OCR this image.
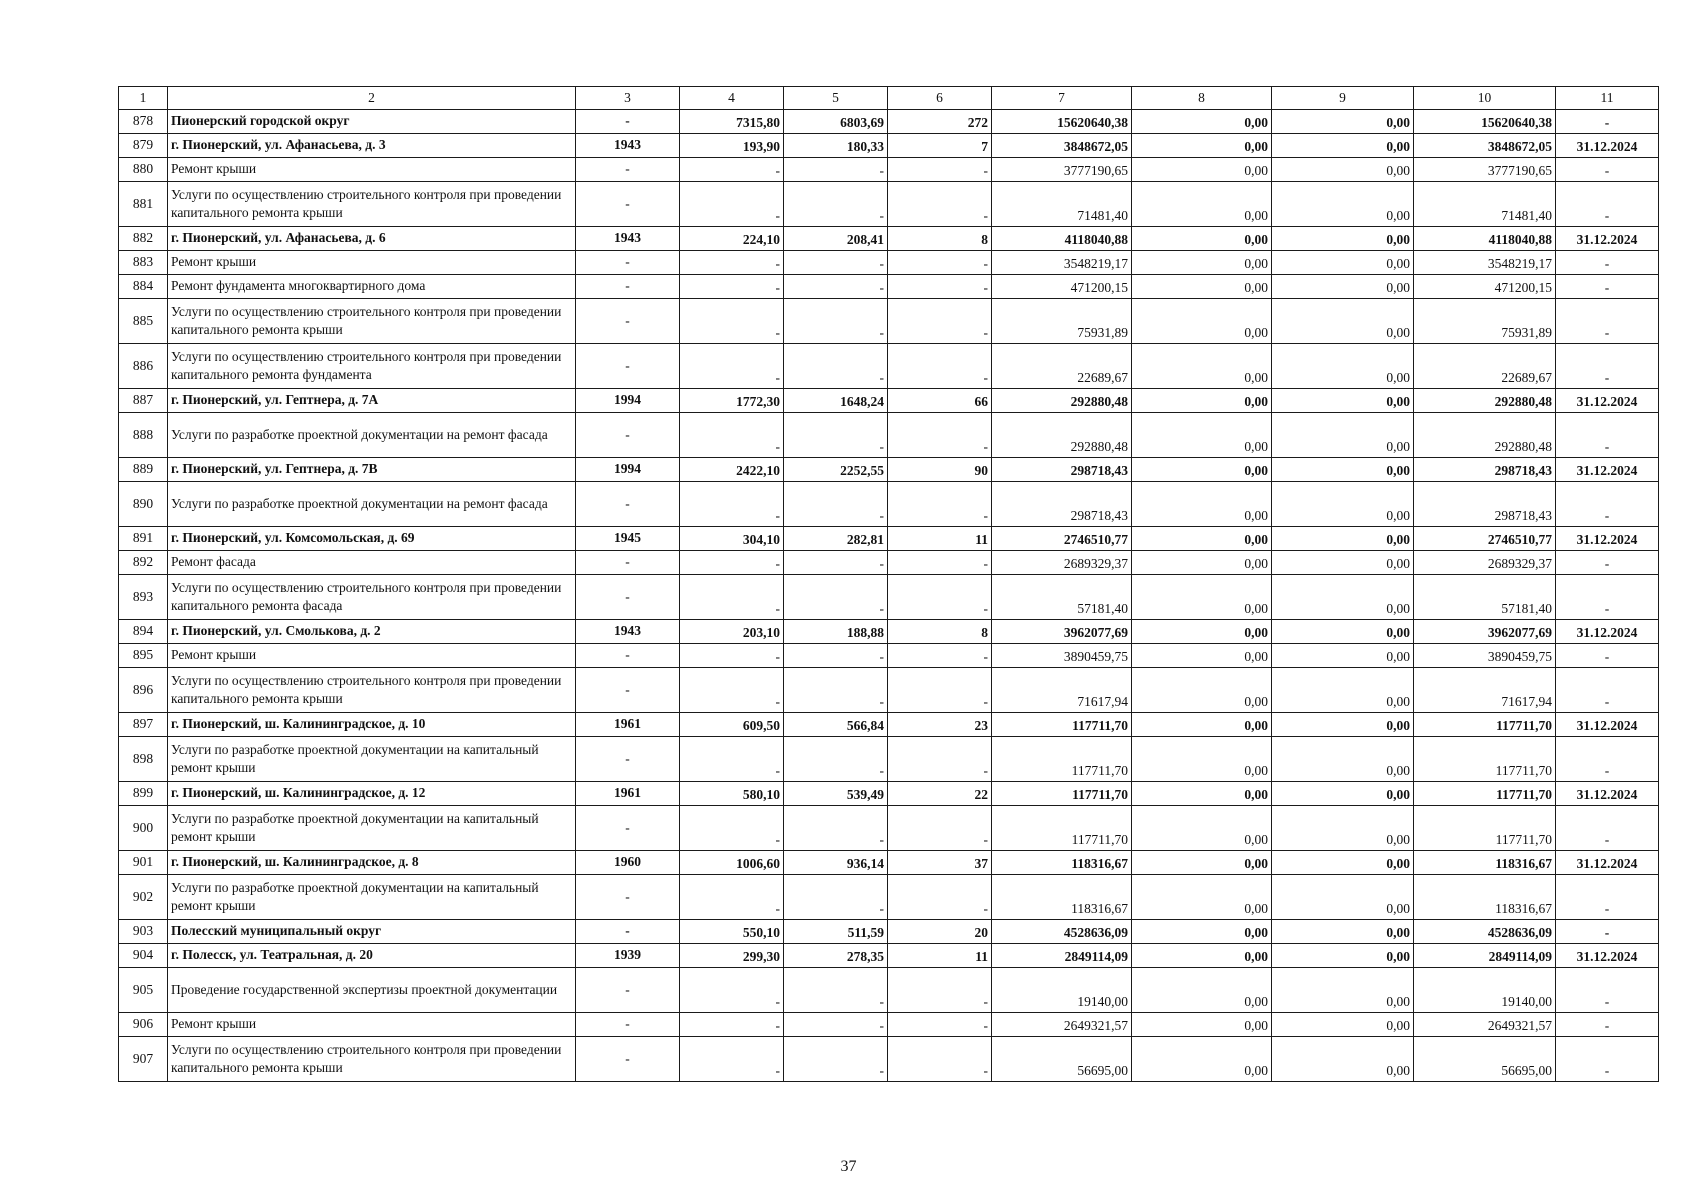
1	2	3	4	5	6	7	8	9	10	11
878	Пионерский городской округ	-	7315,80	6803,69	272	15620640,38	0,00	0,00	15620640,38	-
879	г. Пионерский, ул. Афанасьева, д. 3	1943	193,90	180,33	7	3848672,05	0,00	0,00	3848672,05	31.12.2024
880	Ремонт крыши	-	-	-	-	3777190,65	0,00	0,00	3777190,65	-
881	Услуги по осуществлению строительного контроля при проведении капитального ремонта крыши	-	-	-	-	71481,40	0,00	0,00	71481,40	-
882	г. Пионерский, ул. Афанасьева, д. 6	1943	224,10	208,41	8	4118040,88	0,00	0,00	4118040,88	31.12.2024
883	Ремонт крыши	-	-	-	-	3548219,17	0,00	0,00	3548219,17	-
884	Ремонт фундамента многоквартирного дома	-	-	-	-	471200,15	0,00	0,00	471200,15	-
885	Услуги по осуществлению строительного контроля при проведении капитального ремонта крыши	-	-	-	-	75931,89	0,00	0,00	75931,89	-
886	Услуги по осуществлению строительного контроля при проведении капитального ремонта фундамента	-	-	-	-	22689,67	0,00	0,00	22689,67	-
887	г. Пионерский, ул. Гептнера, д. 7А	1994	1772,30	1648,24	66	292880,48	0,00	0,00	292880,48	31.12.2024
888	Услуги по разработке проектной документации на ремонт фасада	-	-	-	-	292880,48	0,00	0,00	292880,48	-
889	г. Пионерский, ул. Гептнера, д. 7В	1994	2422,10	2252,55	90	298718,43	0,00	0,00	298718,43	31.12.2024
890	Услуги по разработке проектной документации на ремонт фасада	-	-	-	-	298718,43	0,00	0,00	298718,43	-
891	г. Пионерский, ул. Комсомольская, д. 69	1945	304,10	282,81	11	2746510,77	0,00	0,00	2746510,77	31.12.2024
892	Ремонт фасада	-	-	-	-	2689329,37	0,00	0,00	2689329,37	-
893	Услуги по осуществлению строительного контроля при проведении капитального ремонта фасада	-	-	-	-	57181,40	0,00	0,00	57181,40	-
894	г. Пионерский, ул. Смолькова, д. 2	1943	203,10	188,88	8	3962077,69	0,00	0,00	3962077,69	31.12.2024
895	Ремонт крыши	-	-	-	-	3890459,75	0,00	0,00	3890459,75	-
896	Услуги по осуществлению строительного контроля при проведении капитального ремонта крыши	-	-	-	-	71617,94	0,00	0,00	71617,94	-
897	г. Пионерский, ш. Калининградское, д. 10	1961	609,50	566,84	23	117711,70	0,00	0,00	117711,70	31.12.2024
898	Услуги по разработке проектной документации на капитальный ремонт крыши	-	-	-	-	117711,70	0,00	0,00	117711,70	-
899	г. Пионерский, ш. Калининградское, д. 12	1961	580,10	539,49	22	117711,70	0,00	0,00	117711,70	31.12.2024
900	Услуги по разработке проектной документации на капитальный ремонт крыши	-	-	-	-	117711,70	0,00	0,00	117711,70	-
901	г. Пионерский, ш. Калининградское, д. 8	1960	1006,60	936,14	37	118316,67	0,00	0,00	118316,67	31.12.2024
902	Услуги по разработке проектной документации на капитальный ремонт крыши	-	-	-	-	118316,67	0,00	0,00	118316,67	-
903	Полесский муниципальный округ	-	550,10	511,59	20	4528636,09	0,00	0,00	4528636,09	-
904	г. Полесск, ул. Театральная, д. 20	1939	299,30	278,35	11	2849114,09	0,00	0,00	2849114,09	31.12.2024
905	Проведение государственной экспертизы проектной документации	-	-	-	-	19140,00	0,00	0,00	19140,00	-
906	Ремонт крыши	-	-	-	-	2649321,57	0,00	0,00	2649321,57	-
907	Услуги по осуществлению строительного контроля при проведении капитального ремонта крыши	-	-	-	-	56695,00	0,00	0,00	56695,00	-
37
